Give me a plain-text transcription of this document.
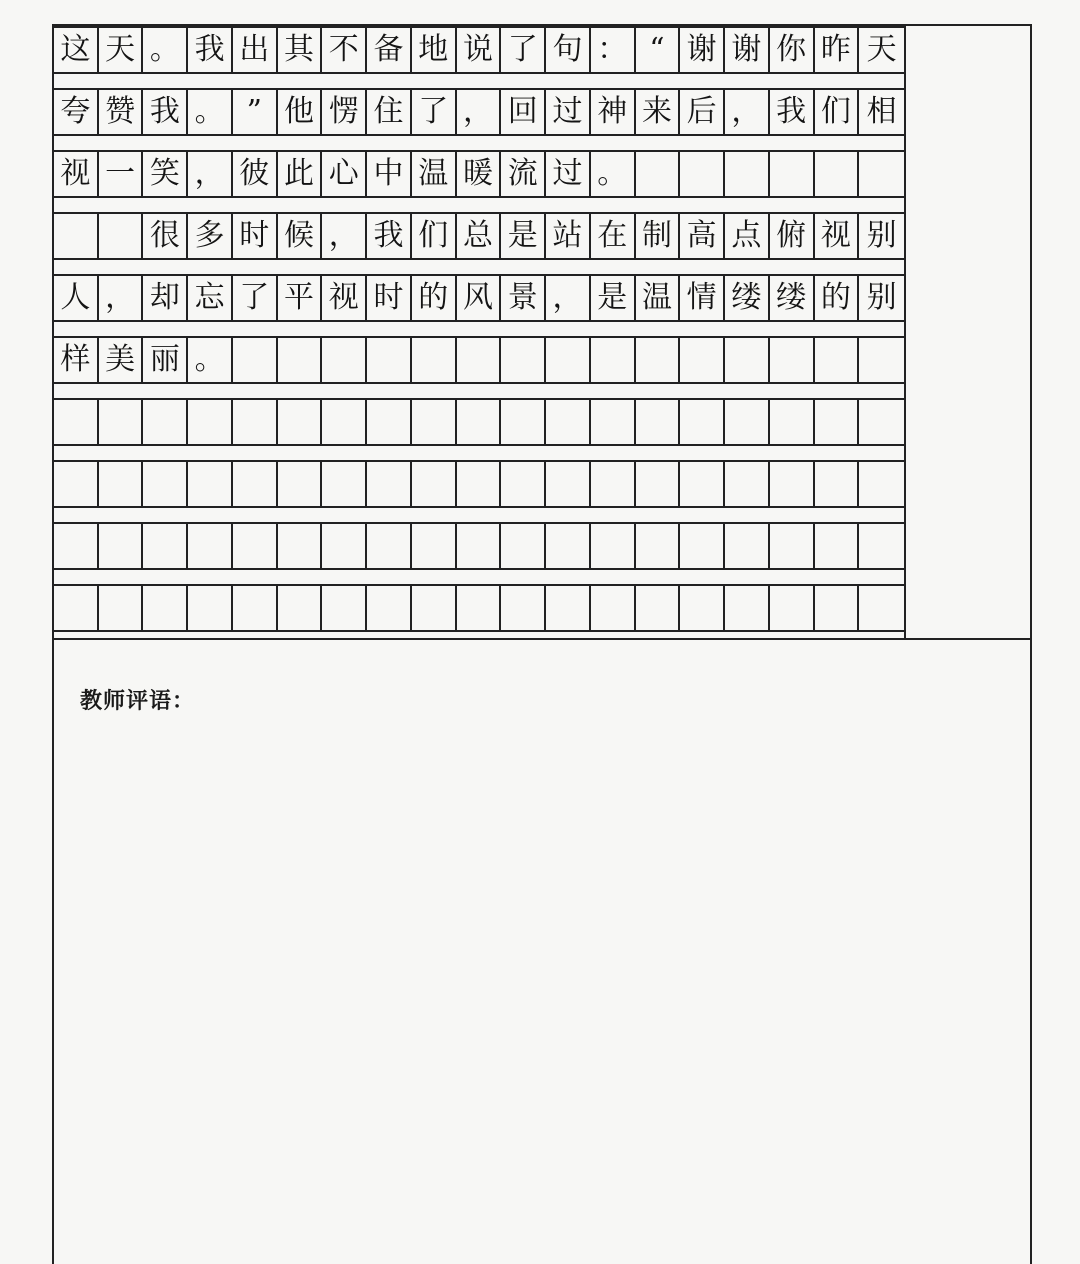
这 天 。 我 出 其 不 备 地 说 了 句 ： “ 谢 谢 你 昨 天
夸 赞 我 。 ” 他 愣 住 了 ， 回 过 神 来 后 ， 我 们 相
视 一 笑 ， 彼 此 心 中 温 暖 流 过 。
很 多 时 候 ， 我 们 总 是 站 在 制 高 点 俯 视 别
人 ， 却 忘 了 平 视 时 的 风 景 ， 是 温 情 缕 缕 的 别
样 美 丽 。
教师评语：
